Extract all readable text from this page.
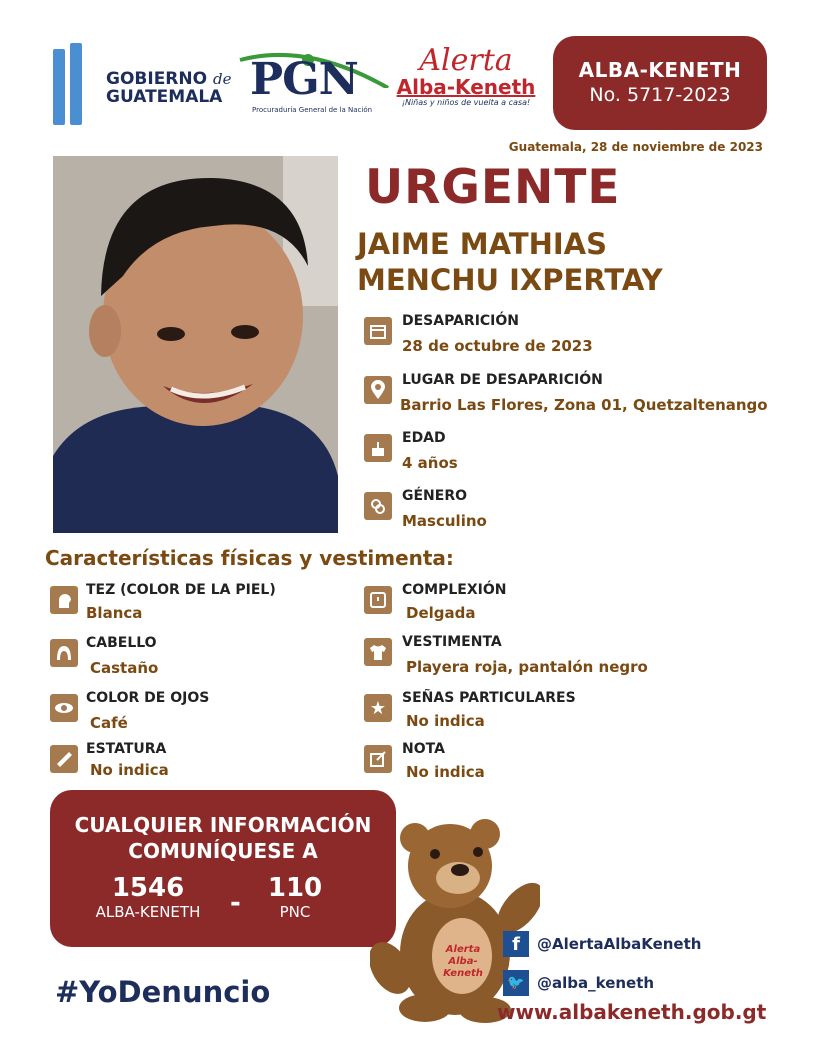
GOBIERNO de
GUATEMALA PGN
Procuraduría General de la Nación
Alerta
Alba-Keneth
¡Niñas y niños de vuelta a casa!
ALBA-KENETH
No. 5717-2023
Guatemala, 28 de noviembre de 2023
URGENTE
JAIME MATHIAS
MENCHU IXPERTAY
DESAPARICIÓN
28 de octubre de 2023
LUGAR DE DESAPARICIÓN
Barrio Las Flores, Zona 01, Quetzaltenango
EDAD
4 años
GÉNERO
Masculino
Características físicas y vestimenta:
TEZ (COLOR DE LA PIEL)
Blanca
CABELLO
Castaño
COLOR DE OJOS
Café
ESTATURA
No indica
COMPLEXIÓN
Delgada
VESTIMENTA
Playera roja, pantalón negro
★	SEÑAS PARTICULARES
No indica
NOTA
No indica
CUALQUIER INFORMACIÓN
COMUNÍQUESE A
1546
ALBA-KENETH	-	110
PNC
Alerta Alba-Keneth
#YoDenuncio
f	@AlertaAlbaKeneth
🐦 @alba_keneth
www.albakeneth.gob.gt
